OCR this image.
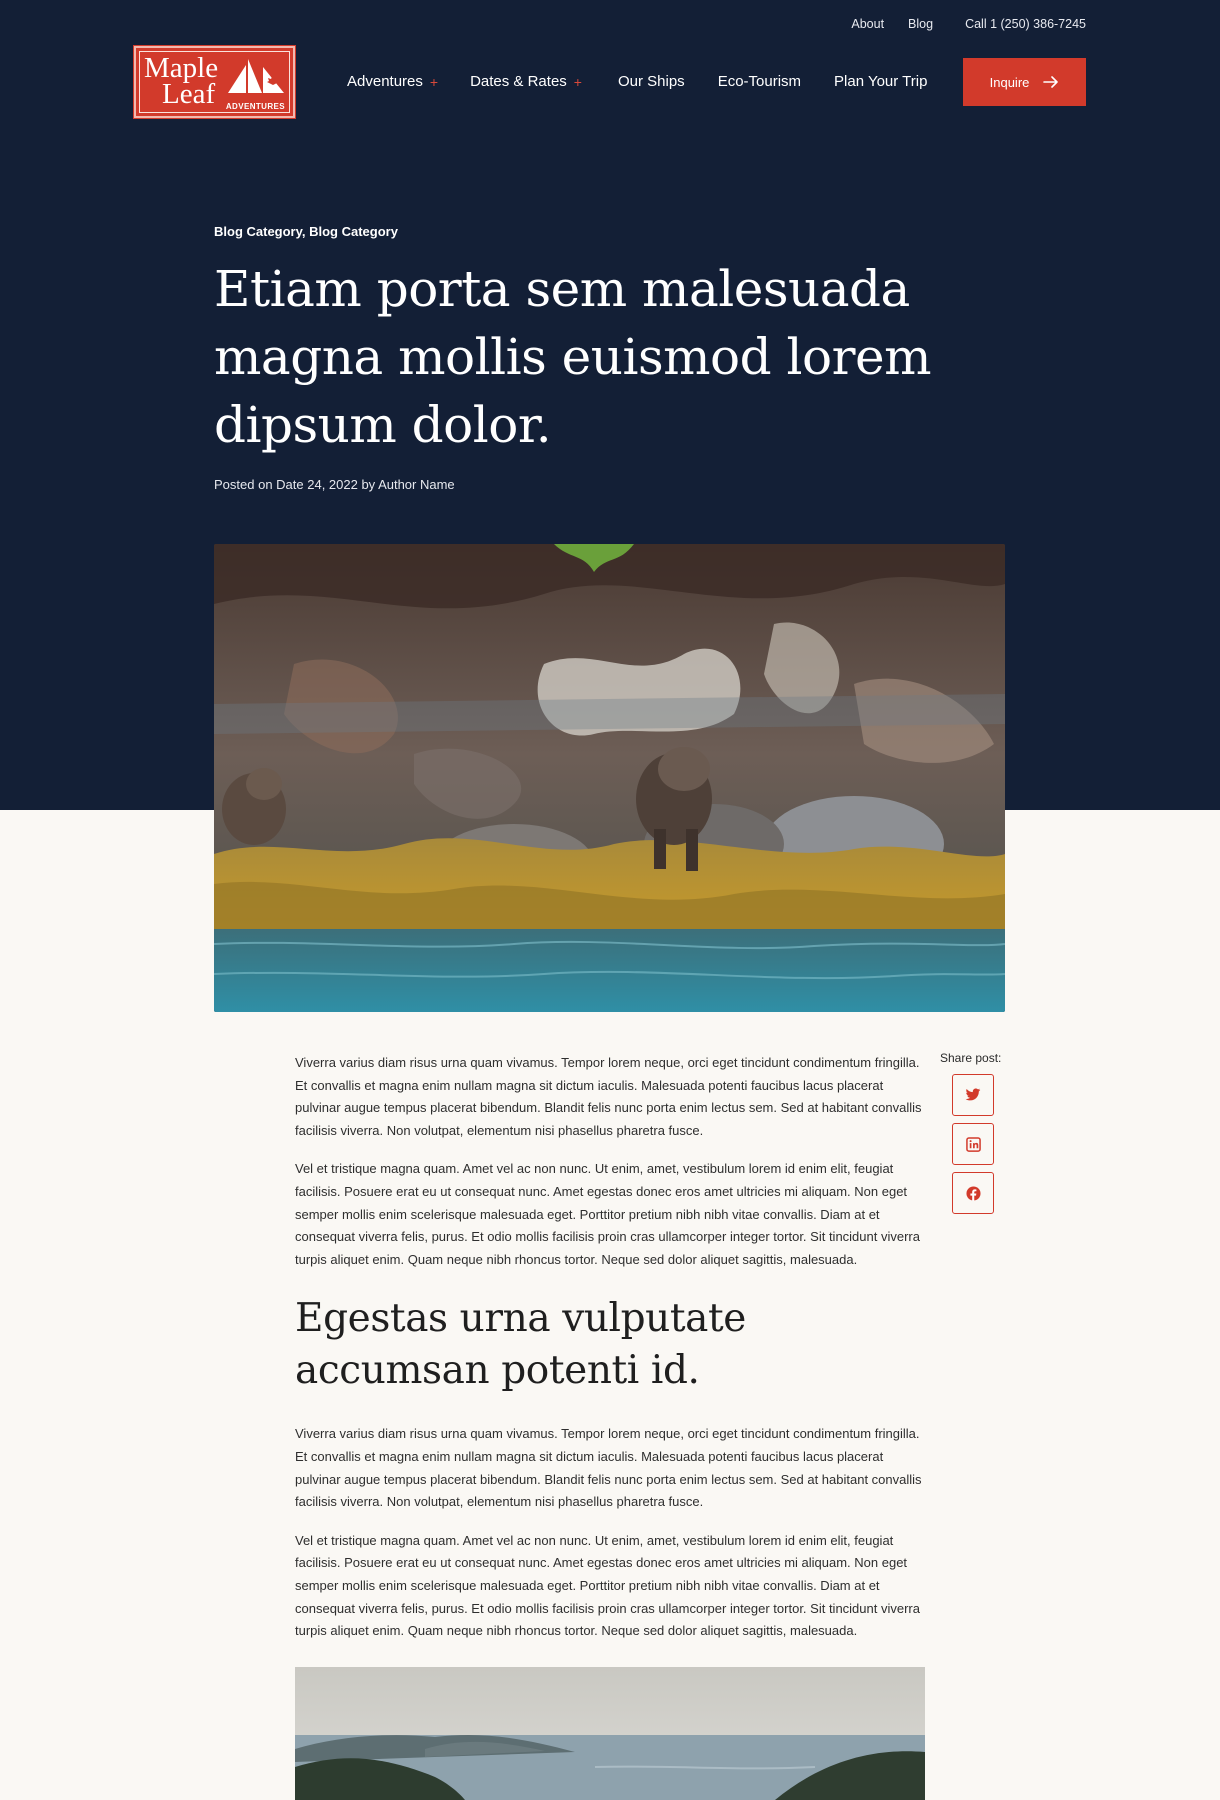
About Blog	Call 1 (250) 386-7245
Maple
Leaf ADVENTURES
Adventures + Dates & Rates + Our Ships Eco-Tourism Plan Your Trip	Inquire
Blog Category, Blog Category
Etiam porta sem malesuada magna mollis euismod lorem dipsum dolor.
Posted on Date 24, 2022 by Author Name

Viverra varius diam risus urna quam vivamus. Tempor lorem neque, orci eget tincidunt condimentum fringilla. Et convallis et magna enim nullam magna sit dictum iaculis. Malesuada potenti faucibus lacus placerat pulvinar augue tempus placerat bibendum. Blandit felis nunc porta enim lectus sem. Sed at habitant convallis facilisis viverra. Non volutpat, elementum nisi phasellus pharetra fusce.

Vel et tristique magna quam. Amet vel ac non nunc. Ut enim, amet, vestibulum lorem id enim elit, feugiat facilisis. Posuere erat eu ut consequat nunc. Amet egestas donec eros amet ultricies mi aliquam. Non eget semper mollis enim scelerisque malesuada eget. Porttitor pretium nibh nibh vitae convallis. Diam at et consequat viverra felis, purus. Et odio mollis facilisis proin cras ullamcorper integer tortor. Sit tincidunt viverra turpis aliquet enim. Quam neque nibh rhoncus tortor. Neque sed dolor aliquet sagittis, malesuada.

Egestas urna vulputate accumsan potenti id.

Viverra varius diam risus urna quam vivamus. Tempor lorem neque, orci eget tincidunt condimentum fringilla. Et convallis et magna enim nullam magna sit dictum iaculis. Malesuada potenti faucibus lacus placerat pulvinar augue tempus placerat bibendum. Blandit felis nunc porta enim lectus sem. Sed at habitant convallis facilisis viverra. Non volutpat, elementum nisi phasellus pharetra fusce.

Vel et tristique magna quam. Amet vel ac non nunc. Ut enim, amet, vestibulum lorem id enim elit, feugiat facilisis. Posuere erat eu ut consequat nunc. Amet egestas donec eros amet ultricies mi aliquam. Non eget semper mollis enim scelerisque malesuada eget. Porttitor pretium nibh nibh vitae convallis. Diam at et consequat viverra felis, purus. Et odio mollis facilisis proin cras ullamcorper integer tortor. Sit tincidunt viverra turpis aliquet enim. Quam neque nibh rhoncus tortor. Neque sed dolor aliquet sagittis, malesuada.

Share post:
